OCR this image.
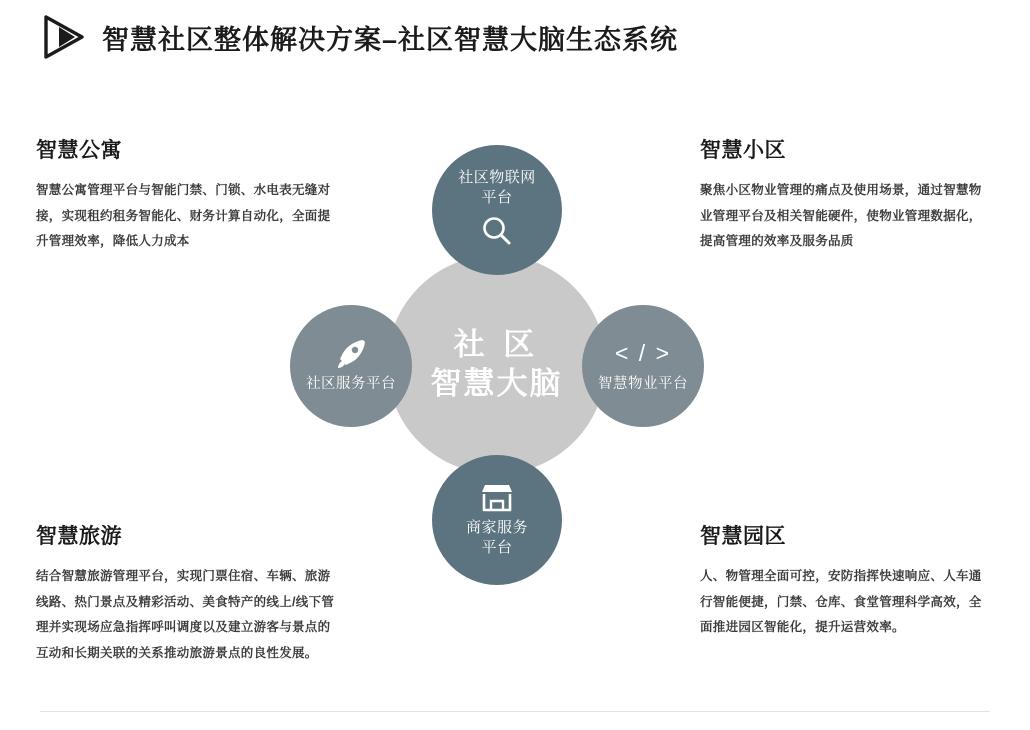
智慧社区整体解决方案–社区智慧大脑生态系统
智慧公寓

智慧公寓管理平台与智能门禁、门锁、水电表无缝对接，实现租约租务智能化、财务计算自动化，全面提升管理效率，降低人力成本

智慧小区

聚焦小区物业管理的痛点及使用场景，通过智慧物业管理平台及相关智能硬件，使物业管理数据化，提高管理的效率及服务品质

智慧旅游

结合智慧旅游管理平台，实现门票住宿、车辆、旅游线路、热门景点及精彩活动、美食特产的线上/线下管理并实现场应急指挥呼叫调度以及建立游客与景点的互动和长期关联的关系推动旅游景点的良性发展。

智慧园区

人、物管理全面可控，安防指挥快速响应、人车通行智能便捷，门禁、仓库、食堂管理科学高效，全面推进园区智能化，提升运营效率。

社 区
智慧大脑
社区物联网
平台
社区服务平台
< / >
智慧物业平台
商家服务
平台
